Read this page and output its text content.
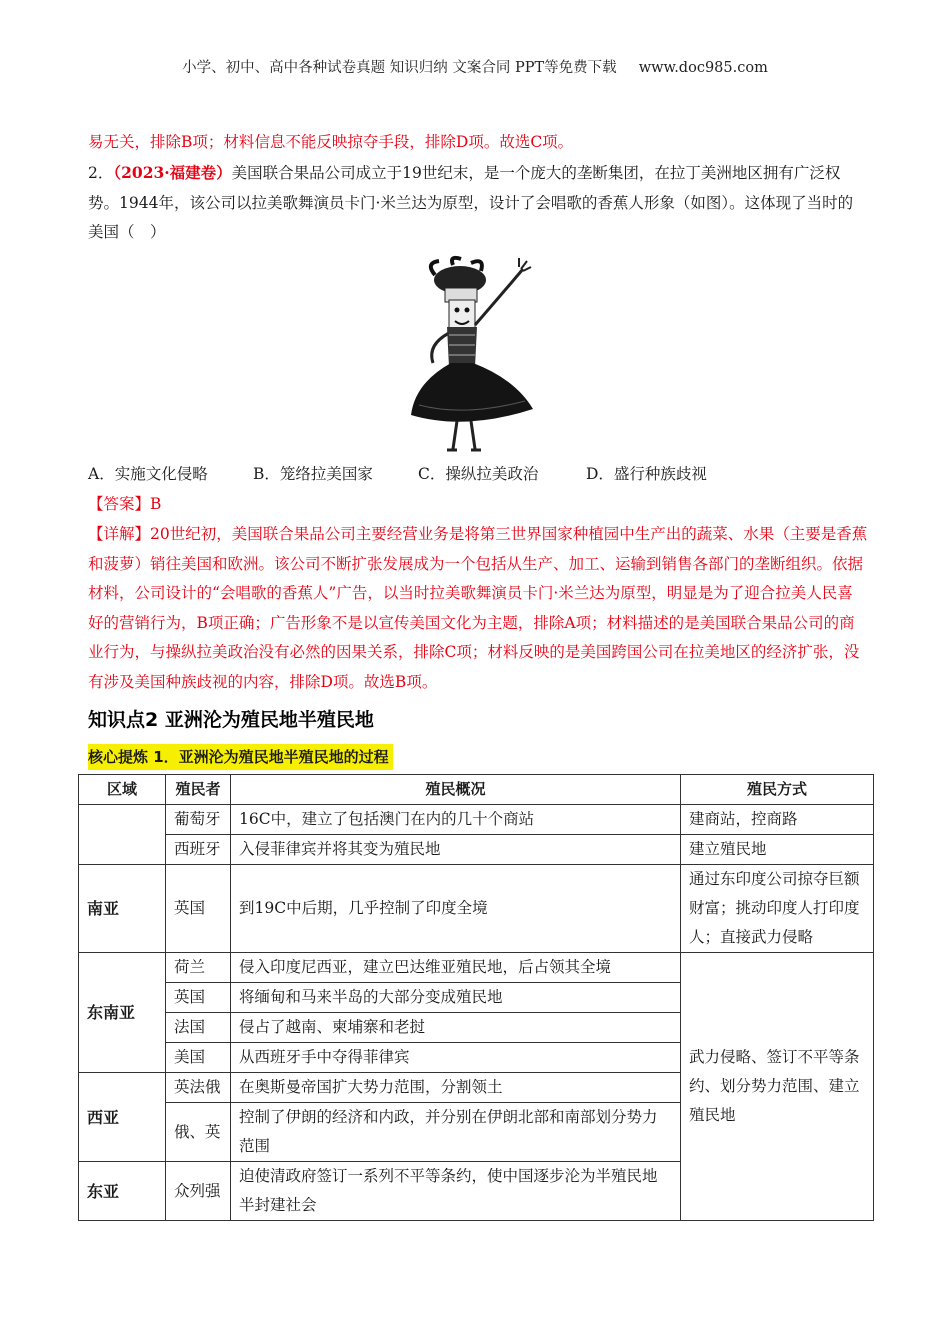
小学、初中、高中各种试卷真题 知识归纳 文案合同 PPT等免费下载 www.doc985.com
易无关，排除B项；材料信息不能反映掠夺手段，排除D项。故选C项。
2．（2023·福建卷）美国联合果品公司成立于19世纪末，是一个庞大的垄断集团，在拉丁美洲地区拥有广泛权势。1944年，该公司以拉美歌舞演员卡门·米兰达为原型，设计了会唱歌的香蕉人形象（如图）。这体现了当时的美国（　）
A．实施文化侵略	B．笼络拉美国家	C．操纵拉美政治	D．盛行种族歧视
【答案】B
【详解】20世纪初，美国联合果品公司主要经营业务是将第三世界国家种植园中生产出的蔬菜、水果（主要是香蕉和菠萝）销往美国和欧洲。该公司不断扩张发展成为一个包括从生产、加工、运输到销售各部门的垄断组织。依据材料，公司设计的“会唱歌的香蕉人”广告，以当时拉美歌舞演员卡门·米兰达为原型，明显是为了迎合拉美人民喜好的营销行为，B项正确；广告形象不是以宣传美国文化为主题，排除A项；材料描述的是美国联合果品公司的商业行为，与操纵拉美政治没有必然的因果关系，排除C项；材料反映的是美国跨国公司在拉美地区的经济扩张，没有涉及美国种族歧视的内容，排除D项。故选B项。
知识点2 亚洲沦为殖民地半殖民地
核心提炼 1．亚洲沦为殖民地半殖民地的过程
区域	殖民者	殖民概况	殖民方式
	葡萄牙	16C中，建立了包括澳门在内的几十个商站	建商站，控商路
	西班牙	入侵菲律宾并将其变为殖民地	建立殖民地
南亚	英国	到19C中后期，几乎控制了印度全境	通过东印度公司掠夺巨额财富；挑动印度人打印度人；直接武力侵略
东南亚	荷兰	侵入印度尼西亚，建立巴达维亚殖民地，后占领其全境	武力侵略、签订不平等条约、划分势力范围、建立殖民地
	英国	将缅甸和马来半岛的大部分变成殖民地	
	法国	侵占了越南、柬埔寨和老挝	
	美国	从西班牙手中夺得菲律宾	
西亚	英法俄	在奥斯曼帝国扩大势力范围，分割领土	
	俄、英	控制了伊朗的经济和内政，并分别在伊朗北部和南部划分势力范围	
东亚	众列强	迫使清政府签订一系列不平等条约，使中国逐步沦为半殖民地半封建社会	
